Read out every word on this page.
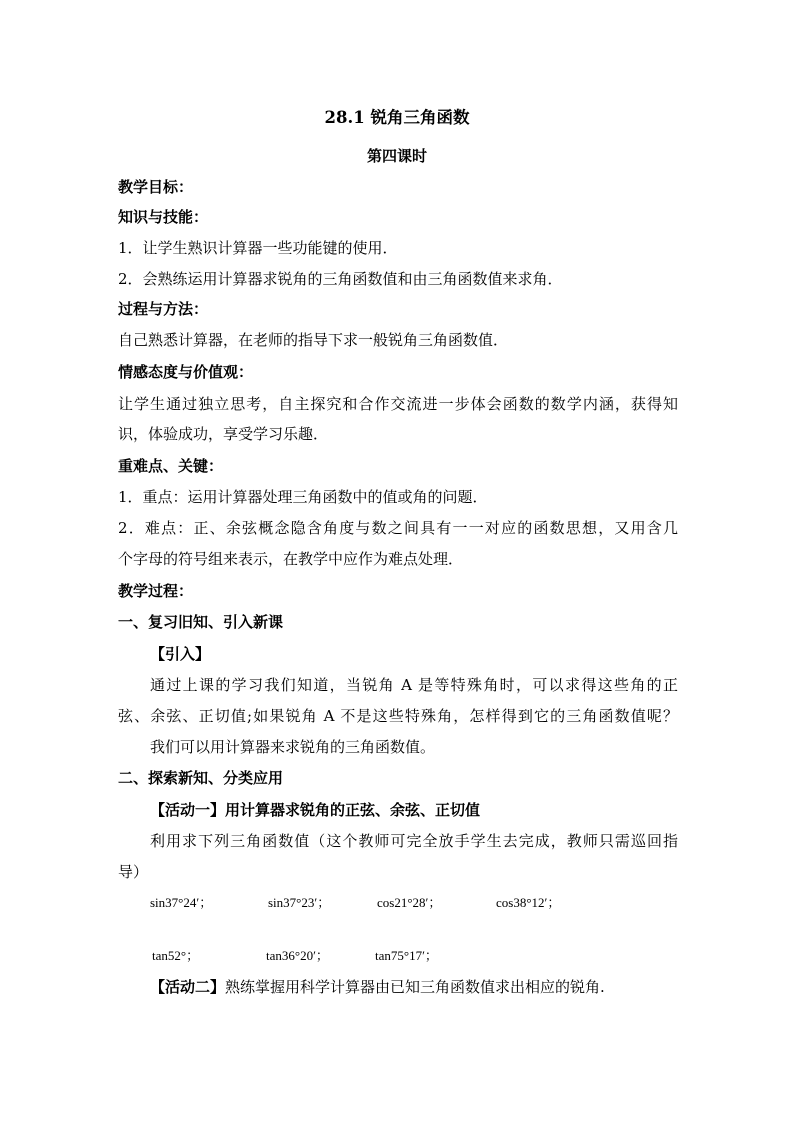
28.1 锐角三角函数
第四课时
教学目标：
知识与技能：
1．让学生熟识计算器一些功能键的使用．
2．会熟练运用计算器求锐角的三角函数值和由三角函数值来求角．
过程与方法：
自己熟悉计算器，在老师的指导下求一般锐角三角函数值．
情感态度与价值观：
让学生通过独立思考，自主探究和合作交流进一步体会函数的数学内涵，获得知
识，体验成功，享受学习乐趣．
重难点、关键：
1．重点：运用计算器处理三角函数中的值或角的问题．
2．难点：正、余弦概念隐含角度与数之间具有一一对应的函数思想，又用含几
个字母的符号组来表示，在教学中应作为难点处理．
教学过程：
一、复习旧知、引入新课
【引入】
通过上课的学习我们知道，当锐角 A 是等特殊角时，可以求得这些角的正
弦、余弦、正切值;如果锐角 A 不是这些特殊角，怎样得到它的三角函数值呢？
我们可以用计算器来求锐角的三角函数值。
二、探索新知、分类应用
【活动一】用计算器求锐角的正弦、余弦、正切值
利用求下列三角函数值（这个教师可完全放手学生去完成，教师只需巡回指
导）
sin37°24′；	sin37°23′；	cos21°28′；	cos38°12′；
tan52°；	tan36°20′；	tan75°17′；
【活动二】熟练掌握用科学计算器由已知三角函数值求出相应的锐角.
